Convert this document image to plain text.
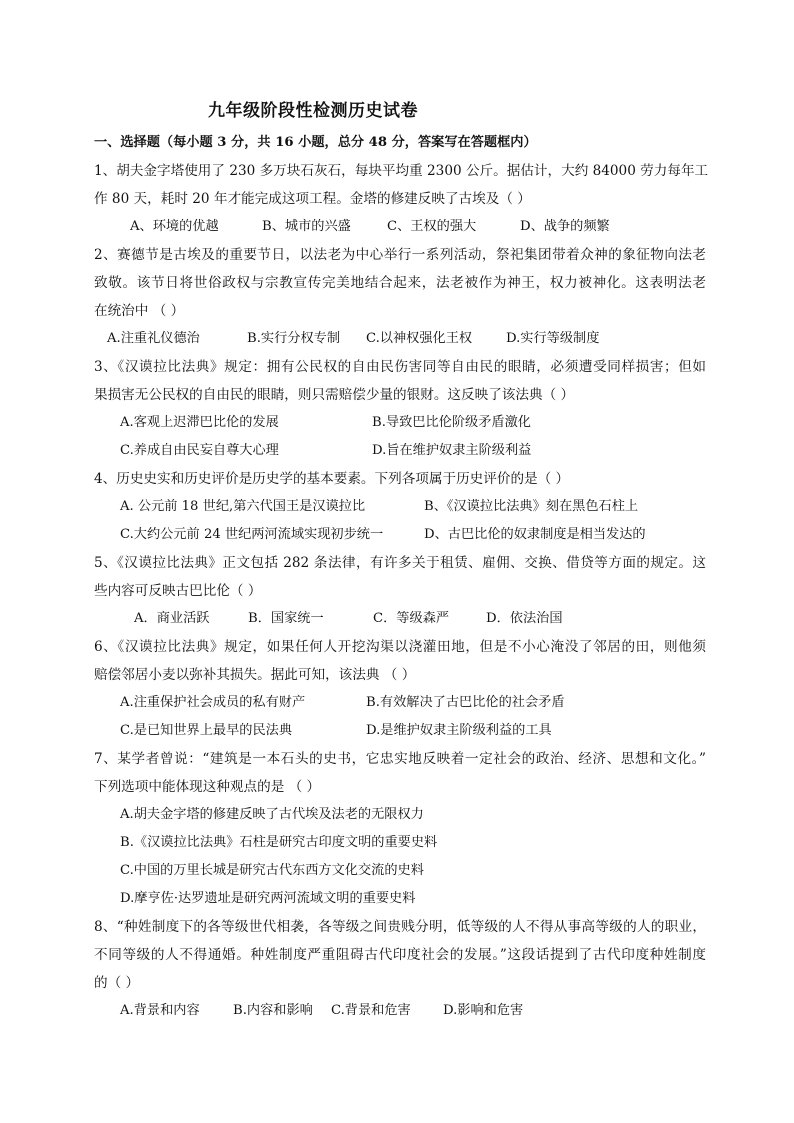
九年级阶段性检测历史试卷
一、选择题（每小题 3 分，共 16 小题，总分 48 分，答案写在答题框内）
1、胡夫金字塔使用了 230 多万块石灰石，每块平均重 2300 公斤。据估计，大约 84000 劳力每年工
作 80 天，耗时 20 年才能完成这项工程。金塔的修建反映了古埃及（ ）
A、环境的优越	B、城市的兴盛	C、王权的强大	D、战争的频繁
2、赛德节是古埃及的重要节日，以法老为中心举行一系列活动，祭祀集团带着众神的象征物向法老
致敬。该节日将世俗政权与宗教宣传完美地结合起来，法老被作为神王，权力被神化。这表明法老
在统治中 （ ）
A.注重礼仪德治	B.实行分权专制 C.以神权强化王权	D.实行等级制度
3、《汉谟拉比法典》规定：拥有公民权的自由民伤害同等自由民的眼睛，必须遭受同样损害；但如
果损害无公民权的自由民的眼睛，则只需赔偿少量的银财。这反映了该法典（ ）
A.客观上迟滞巴比伦的发展	B.导致巴比伦阶级矛盾激化
C.养成自由民妄自尊大心理	D.旨在维护奴隶主阶级利益
4、历史史实和历史评价是历史学的基本要素。下列各项属于历史评价的是（ ）
A. 公元前 18 世纪,第六代国王是汉谟拉比	B、《汉谟拉比法典》刻在黑色石柱上
C.大约公元前 24 世纪两河流域实现初步统一	D、古巴比伦的奴隶制度是相当发达的
5、《汉谟拉比法典》正文包括 282 条法律，有许多关于租赁、雇佣、交换、借贷等方面的规定。这
些内容可反映古巴比伦（ ）
A．商业活跃	B．国家统一	C．等级森严	D．依法治国
6、《汉谟拉比法典》规定，如果任何人开挖沟渠以浇灌田地，但是不小心淹没了邻居的田，则他须
赔偿邻居小麦以弥补其损失。据此可知，该法典 （ ）
A.注重保护社会成员的私有财产	B.有效解决了古巴比伦的社会矛盾
C.是已知世界上最早的民法典	D.是维护奴隶主阶级利益的工具
7、某学者曾说：“建筑是一本石头的史书，它忠实地反映着一定社会的政治、经济、思想和文化。”
下列选项中能体现这种观点的是 （ ）
A.胡夫金字塔的修建反映了古代埃及法老的无限权力
B.《汉谟拉比法典》石柱是研究古印度文明的重要史料
C.中国的万里长城是研究古代东西方文化交流的史料
D.摩亨佐·达罗遗址是研究两河流域文明的重要史料
8、“种姓制度下的各等级世代相袭，各等级之间贵贱分明，低等级的人不得从事高等级的人的职业，
不同等级的人不得通婚。种姓制度严重阻碍古代印度社会的发展。”这段话提到了古代印度种姓制度
的（ ）
A.背景和内容	B.内容和影响 C.背景和危害 D.影响和危害
